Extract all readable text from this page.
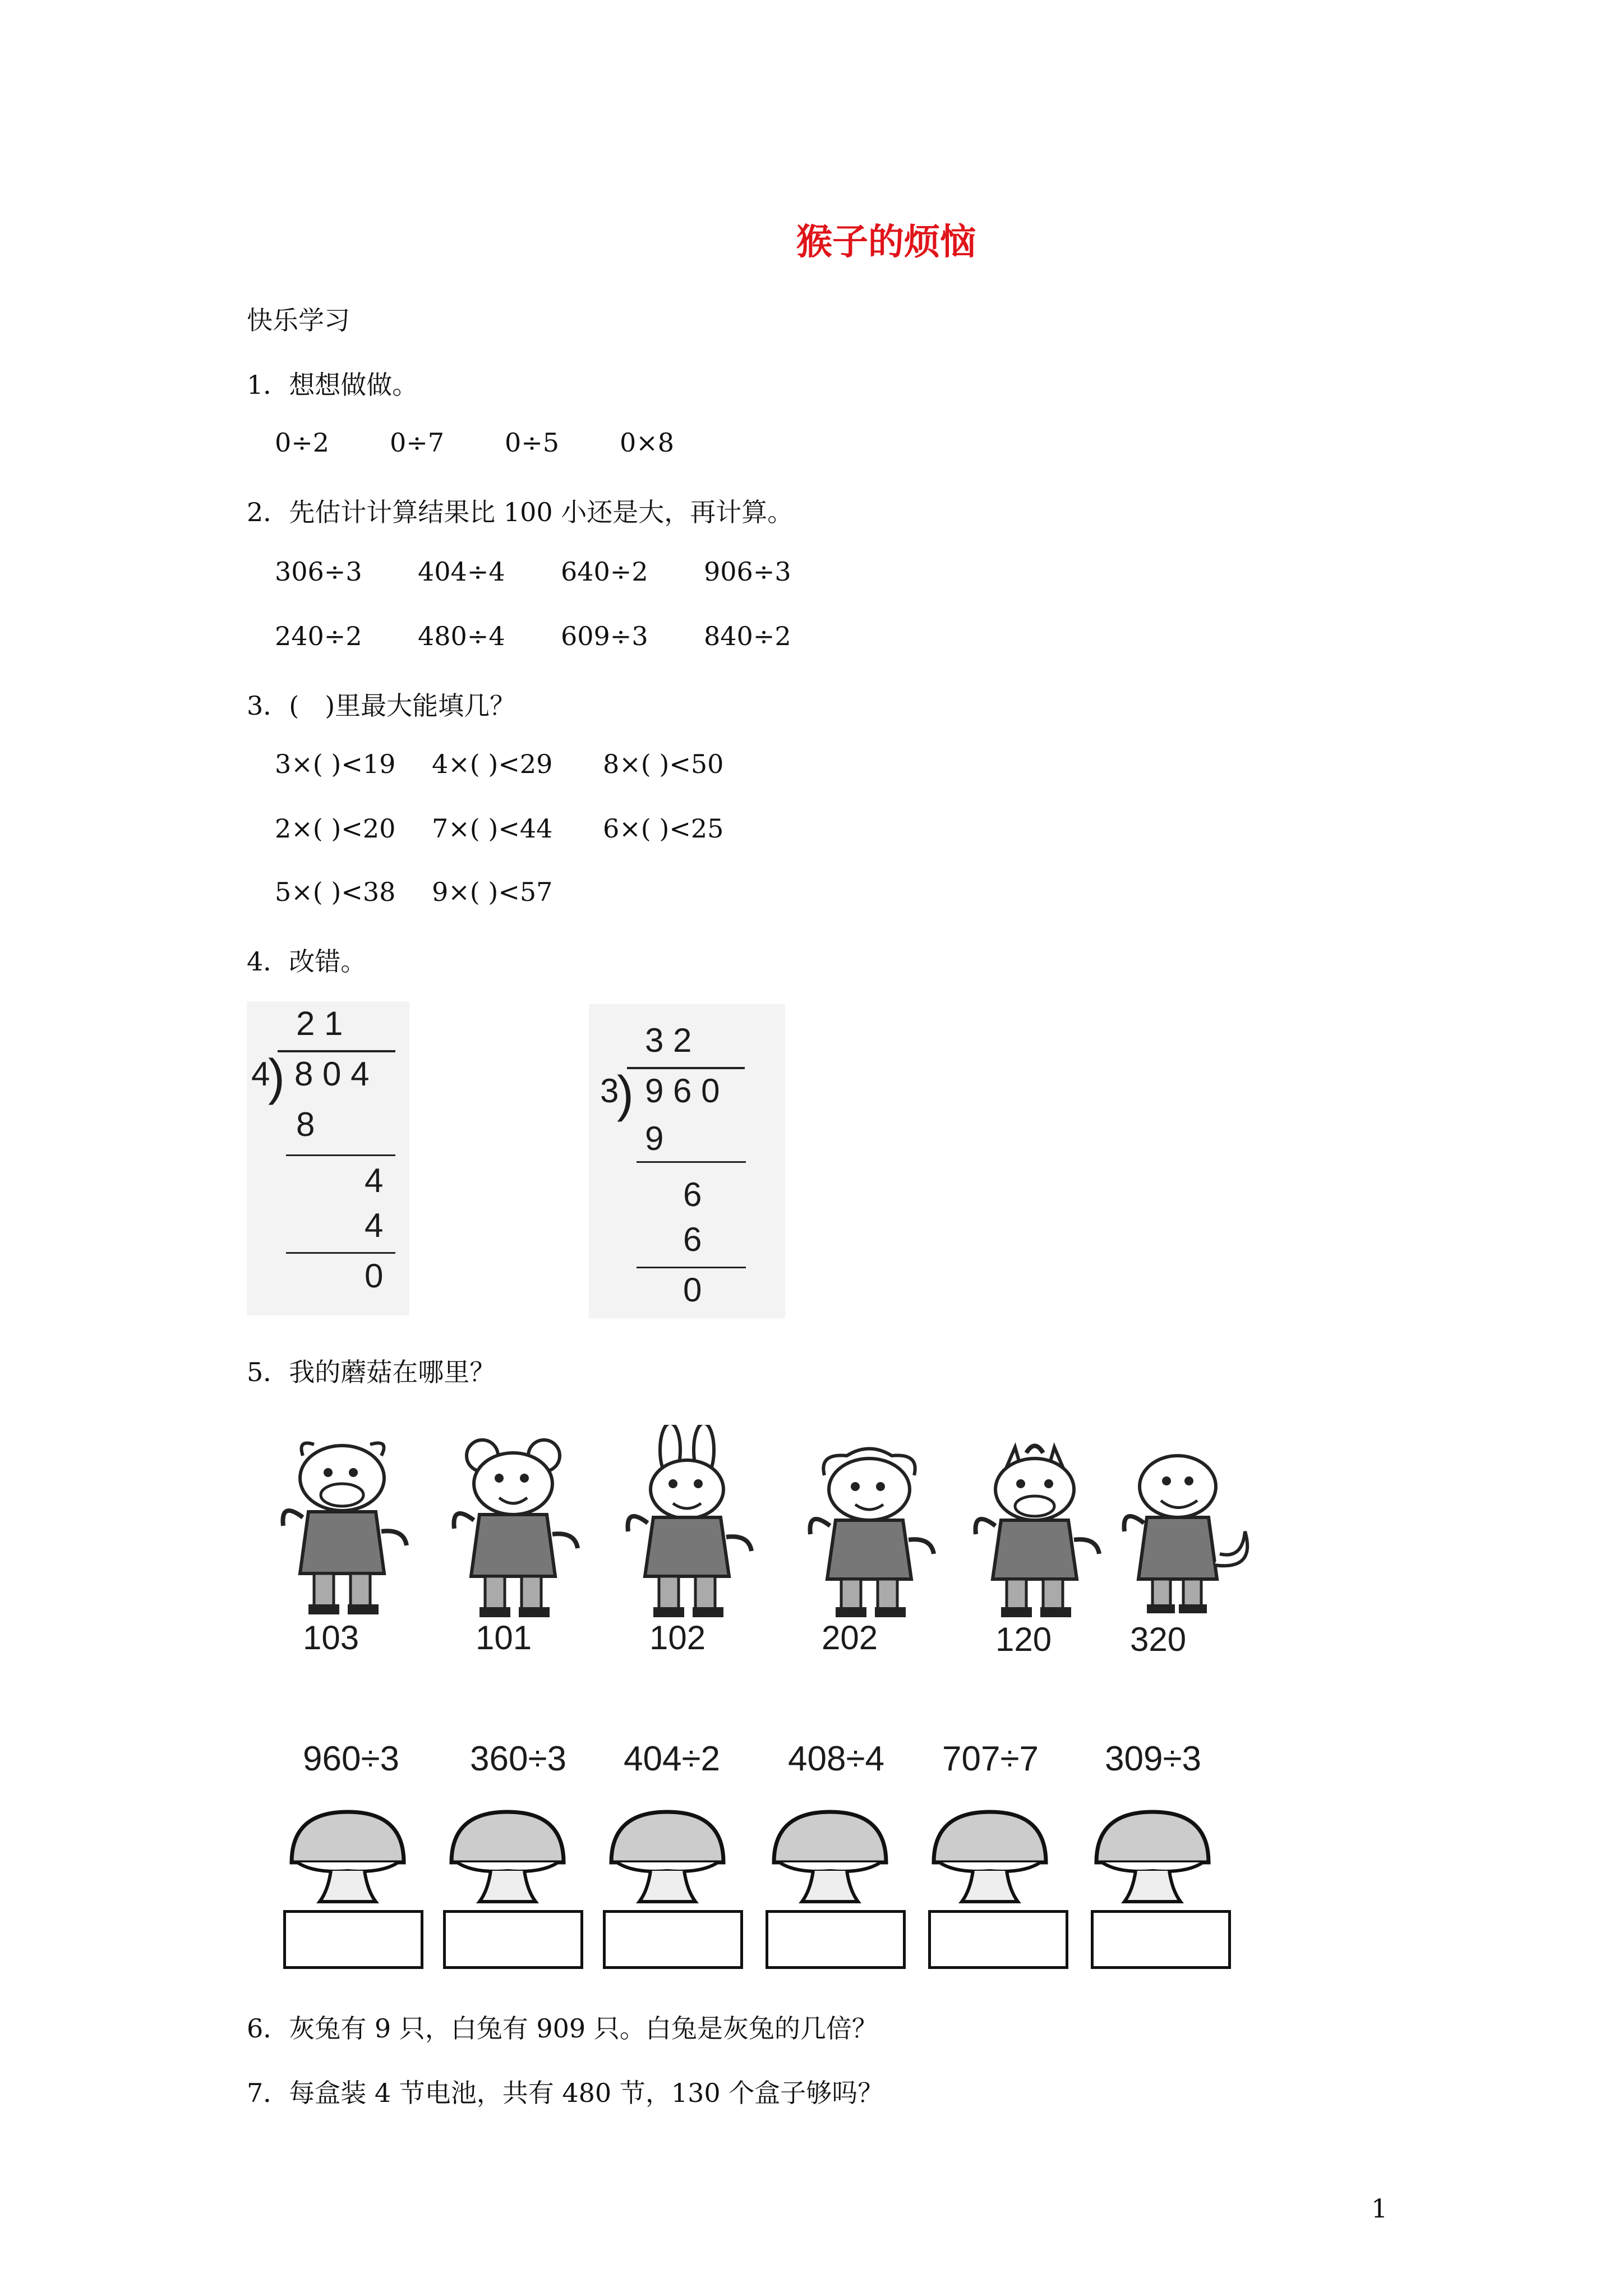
猴子的烦恼
快乐学习
1．想想做做。
0÷2 0÷7 0÷5 0×8
2．先估计计算结果比 100 小还是大，再计算。
306÷3 404÷4 640÷2 906÷3
240÷2 480÷4 609÷3 840÷2
3．(　)里最大能填几？
3×( )<19 4×( )<29 8×( )<50
2×( )<20 7×( )<44 6×( )<25
5×( )<38 9×( )<57
4．改错。
2 1
4
) 8 0 4
8
4
4
0
3 2
3
) 9 6 0
9
6
6
0
5．我的蘑菇在哪里？
103	101	102	202	120 320
960÷3 360÷3 404÷2 408÷4 707÷7 309÷3
6．灰兔有 9 只，白兔有 909 只。白兔是灰兔的几倍？
7．每盒装 4 节电池，共有 480 节，130 个盒子够吗？
1
